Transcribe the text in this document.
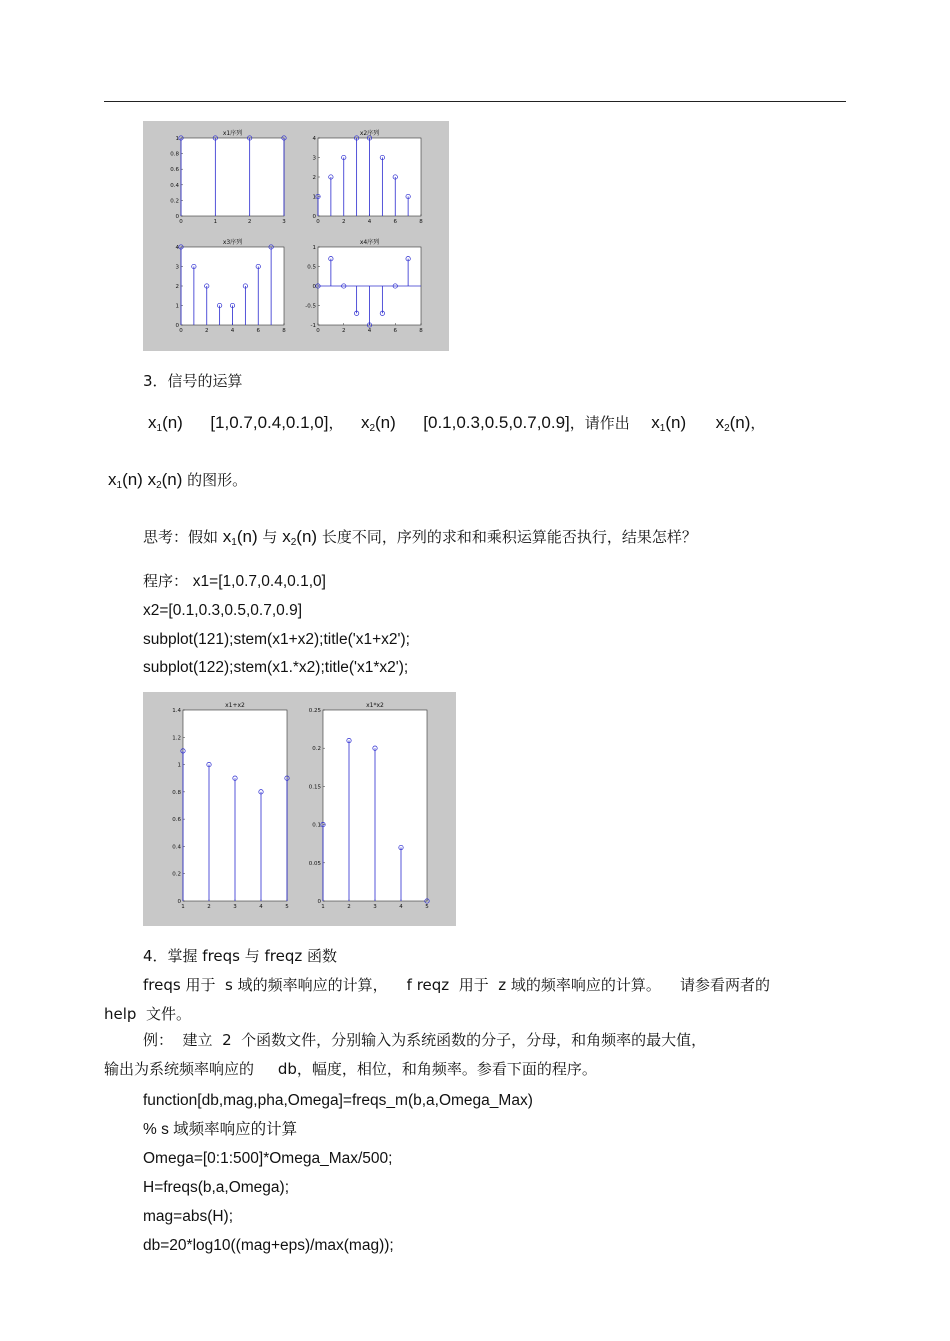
x1序列
0	1	2	3
0
0.2
0.4
0.6
0.8
1
x2序列
0	2	4	6	8
0
1
2
3
4
x3序列
0	2	4	6	8
0
1
2
3
4
x4序列
0	2	4	6	8
-1
-0.5
0
0.5
1
3．信号的运算
$x_1(n)$ [1,0.7,0.4,0.1,0]， $x_2(n)$ [0.1,0.3,0.5,0.7,0.9]，请作出 $x_1(n)$ $x_2(n)$，
$x_1(n)$ $x_2(n)$ 的图形。
思考：假如 $x_1(n)$ 与 $x_2(n)$ 长度不同，序列的求和和乘积运算能否执行，结果怎样？
程序： x1=[1,0.7,0.4,0.1,0]
x2=[0.1,0.3,0.5,0.7,0.9]
subplot(121);stem(x1+x2);title('x1+x2');
subplot(122);stem(x1.*x2);title('x1*x2');
x1+x2
1	2	3	4	5
0
0.2
0.4
0.6
0.8
1
1.2
1.4
x1*x2
1	2	3	4	5
0
0.05
0.1
0.15
0.2
0.25
4．掌握 freqs 与 freqz 函数
freqs 用于  s 域的频率响应的计算，    f reqz  用于  z 域的频率响应的计算。    请参看两者的
help  文件。
例：  建立  2  个函数文件，分别输入为系统函数的分子，分母，和角频率的最大值，
输出为系统频率响应的     db，幅度，相位，和角频率。参看下面的程序。
function[db,mag,pha,Omega]=freqs_m(b,a,Omega_Max)
% s 域频率响应的计算
Omega=[0:1:500]*Omega_Max/500;
H=freqs(b,a,Omega);
mag=abs(H);
db=20*log10((mag+eps)/max(mag));
